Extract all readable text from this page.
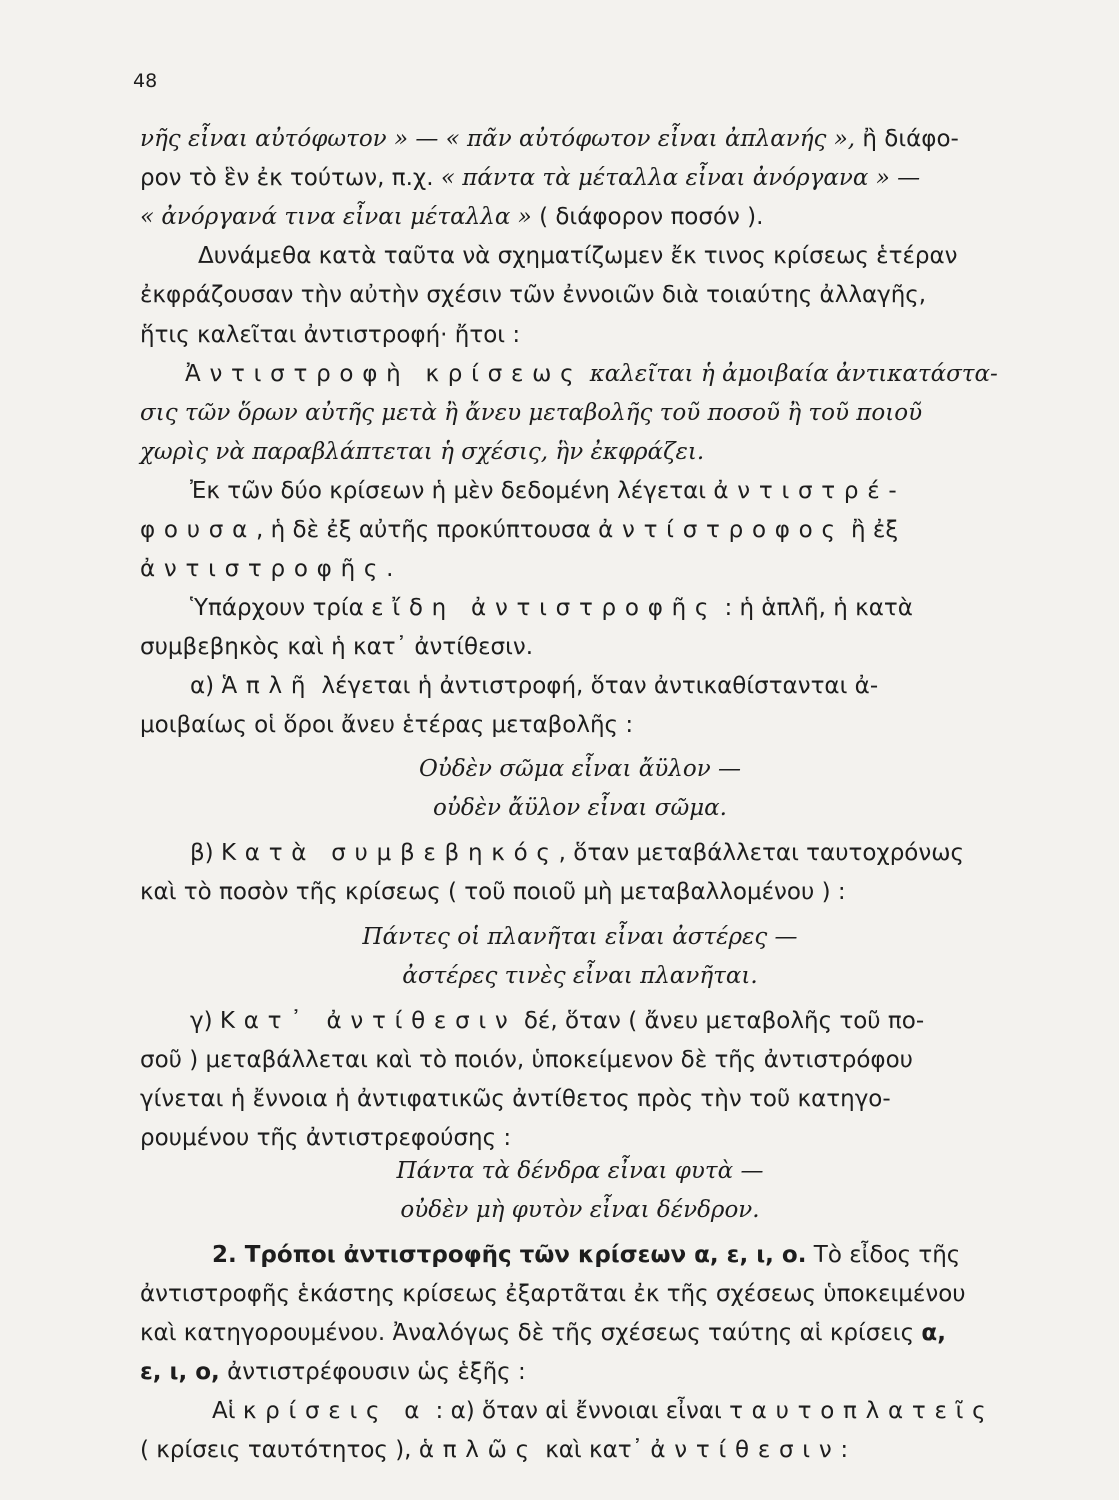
48
νῆς εἶναι αὐτόφωτον » — « πᾶν αὐτόφωτον εἶναι ἀπλανής », ἢ διάφο-
ρον τὸ ἓν ἐκ τούτων, π.χ. « πάντα τὰ μέταλλα εἶναι ἀνόργανα » —
« ἀνόργανά τινα εἶναι μέταλλα » ( διάφορον ποσόν ).
Δυνάμεθα κατὰ ταῦτα νὰ σχηματίζωμεν ἔκ τινος κρίσεως ἑτέραν
ἐκφράζουσαν τὴν αὐτὴν σχέσιν τῶν ἐννοιῶν διὰ τοιαύτης ἀλλαγῆς,
ἥτις καλεῖται ἀντιστροφή· ἤτοι :
Ἀντιστροφὴ κρίσεως καλεῖται ἡ ἀμοιβαία ἀντικατάστα-
σις τῶν ὅρων αὐτῆς μετὰ ἢ ἄνευ μεταβολῆς τοῦ ποσοῦ ἢ τοῦ ποιοῦ
χωρὶς νὰ παραβλάπτεται ἡ σχέσις, ἣν ἐκφράζει.
Ἐκ τῶν δύο κρίσεων ἡ μὲν δεδομένη λέγεται ἀντιστρέ-
φουσα, ἡ δὲ ἐξ αὐτῆς προκύπτουσα ἀντίστροφος ἢ ἐξ
ἀντιστροφῆς.
Ὑπάρχουν τρία εἴδη ἀντιστροφῆς : ἡ ἁπλῆ, ἡ κατὰ
συμβεβηκὸς καὶ ἡ κατ᾽ ἀντίθεσιν.
α) Ἁπλῆ λέγεται ἡ ἀντιστροφή, ὅταν ἀντικαθίστανται ἀ-
μοιβαίως οἱ ὅροι ἄνευ ἑτέρας μεταβολῆς :
Οὐδὲν σῶμα εἶναι ἄϋλον —
οὐδὲν ἄϋλον εἶναι σῶμα.
β) Κατὰ συμβεβηκός, ὅταν μεταβάλλεται ταυτοχρόνως
καὶ τὸ ποσὸν τῆς κρίσεως ( τοῦ ποιοῦ μὴ μεταβαλλομένου ) :
Πάντες οἱ πλανῆται εἶναι ἀστέρες —
ἀστέρες τινὲς εἶναι πλανῆται.
γ) Κατ᾽ ἀντίθεσιν δέ, ὅταν ( ἄνευ μεταβολῆς τοῦ πο-
σοῦ ) μεταβάλλεται καὶ τὸ ποιόν, ὑποκείμενον δὲ τῆς ἀντιστρόφου
γίνεται ἡ ἔννοια ἡ ἀντιφατικῶς ἀντίθετος πρὸς τὴν τοῦ κατηγο-
ρουμένου τῆς ἀντιστρεφούσης :
Πάντα τὰ δένδρα εἶναι φυτὰ —
οὐδὲν μὴ φυτὸν εἶναι δένδρον.
2. Τρόποι ἀντιστροφῆς τῶν κρίσεων α, ε, ι, ο. Τὸ εἶδος τῆς
ἀντιστροφῆς ἑκάστης κρίσεως ἐξαρτᾶται ἐκ τῆς σχέσεως ὑποκειμένου
καὶ κατηγορουμένου. Ἀναλόγως δὲ τῆς σχέσεως ταύτης αἱ κρίσεις α,
ε, ι, ο, ἀντιστρέφουσιν ὡς ἑξῆς :
Αἱ κρίσεις α : α) ὅταν αἱ ἔννοιαι εἶναι ταυτοπλατεῖς
( κρίσεις ταυτότητος ), ἁπλῶς καὶ κατ᾽ ἀντίθεσιν:
